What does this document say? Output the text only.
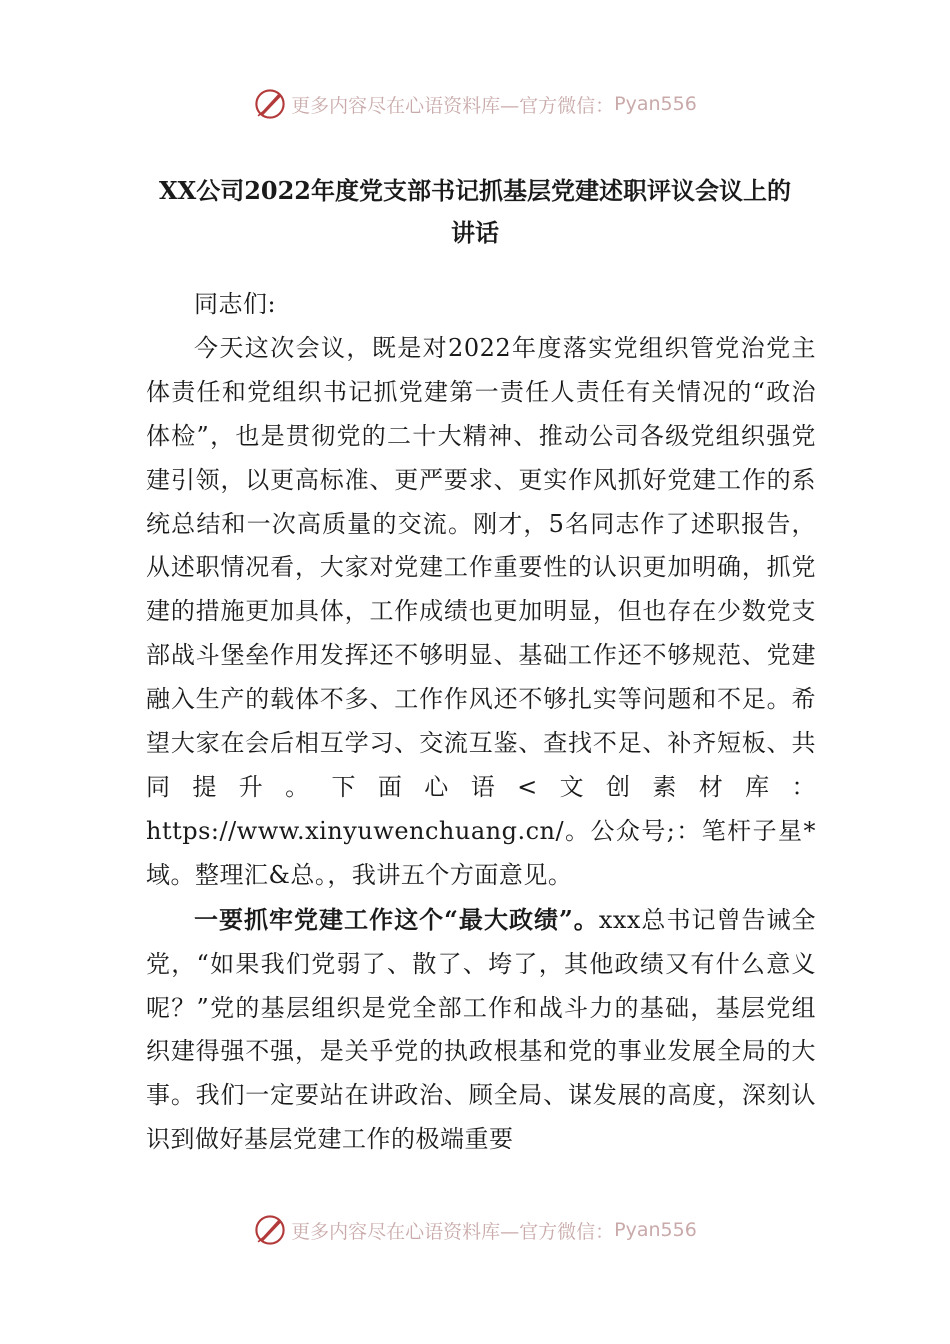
更多内容尽在心语资料库—官方微信： Pyan556
XX公司2022年度党支部书记抓基层党建述职评议会议上的
讲话

同志们:

今天这次会议，既是对2022年度落实党组织管党治党主体责任和党组织书记抓党建第一责任人责任有关情况的“政治体检”，也是贯彻党的二十大精神、推动公司各级党组织强党建引领，以更高标准、更严要求、更实作风抓好党建工作的系统总结和一次高质量的交流。刚才，5名同志作了述职报告，从述职情况看，大家对党建工作重要性的认识更加明确，抓党建的措施更加具体，工作成绩也更加明显，但也存在少数党支部战斗堡垒作用发挥还不够明显、基础工作还不够规范、党建融入生产的载体不多、工作作风还不够扎实等问题和不足。希望大家在会后相互学习、交流互鉴、查找不足、补齐短板、共同提升。下面心语<文创素材库：https://www.xinyuwenchuang.cn/。公众号;：笔杆子星*域。整理汇&总。，我讲五个方面意见。

一要抓牢党建工作这个“最大政绩”。xxx总书记曾告诫全党，“如果我们党弱了、散了、垮了，其他政绩又有什么意义呢？”党的基层组织是党全部工作和战斗力的基础，基层党组织建得强不强，是关乎党的执政根基和党的事业发展全局的大事。我们一定要站在讲政治、顾全局、谋发展的高度，深刻认识到做好基层党建工作的极端重要

更多内容尽在心语资料库—官方微信： Pyan556
